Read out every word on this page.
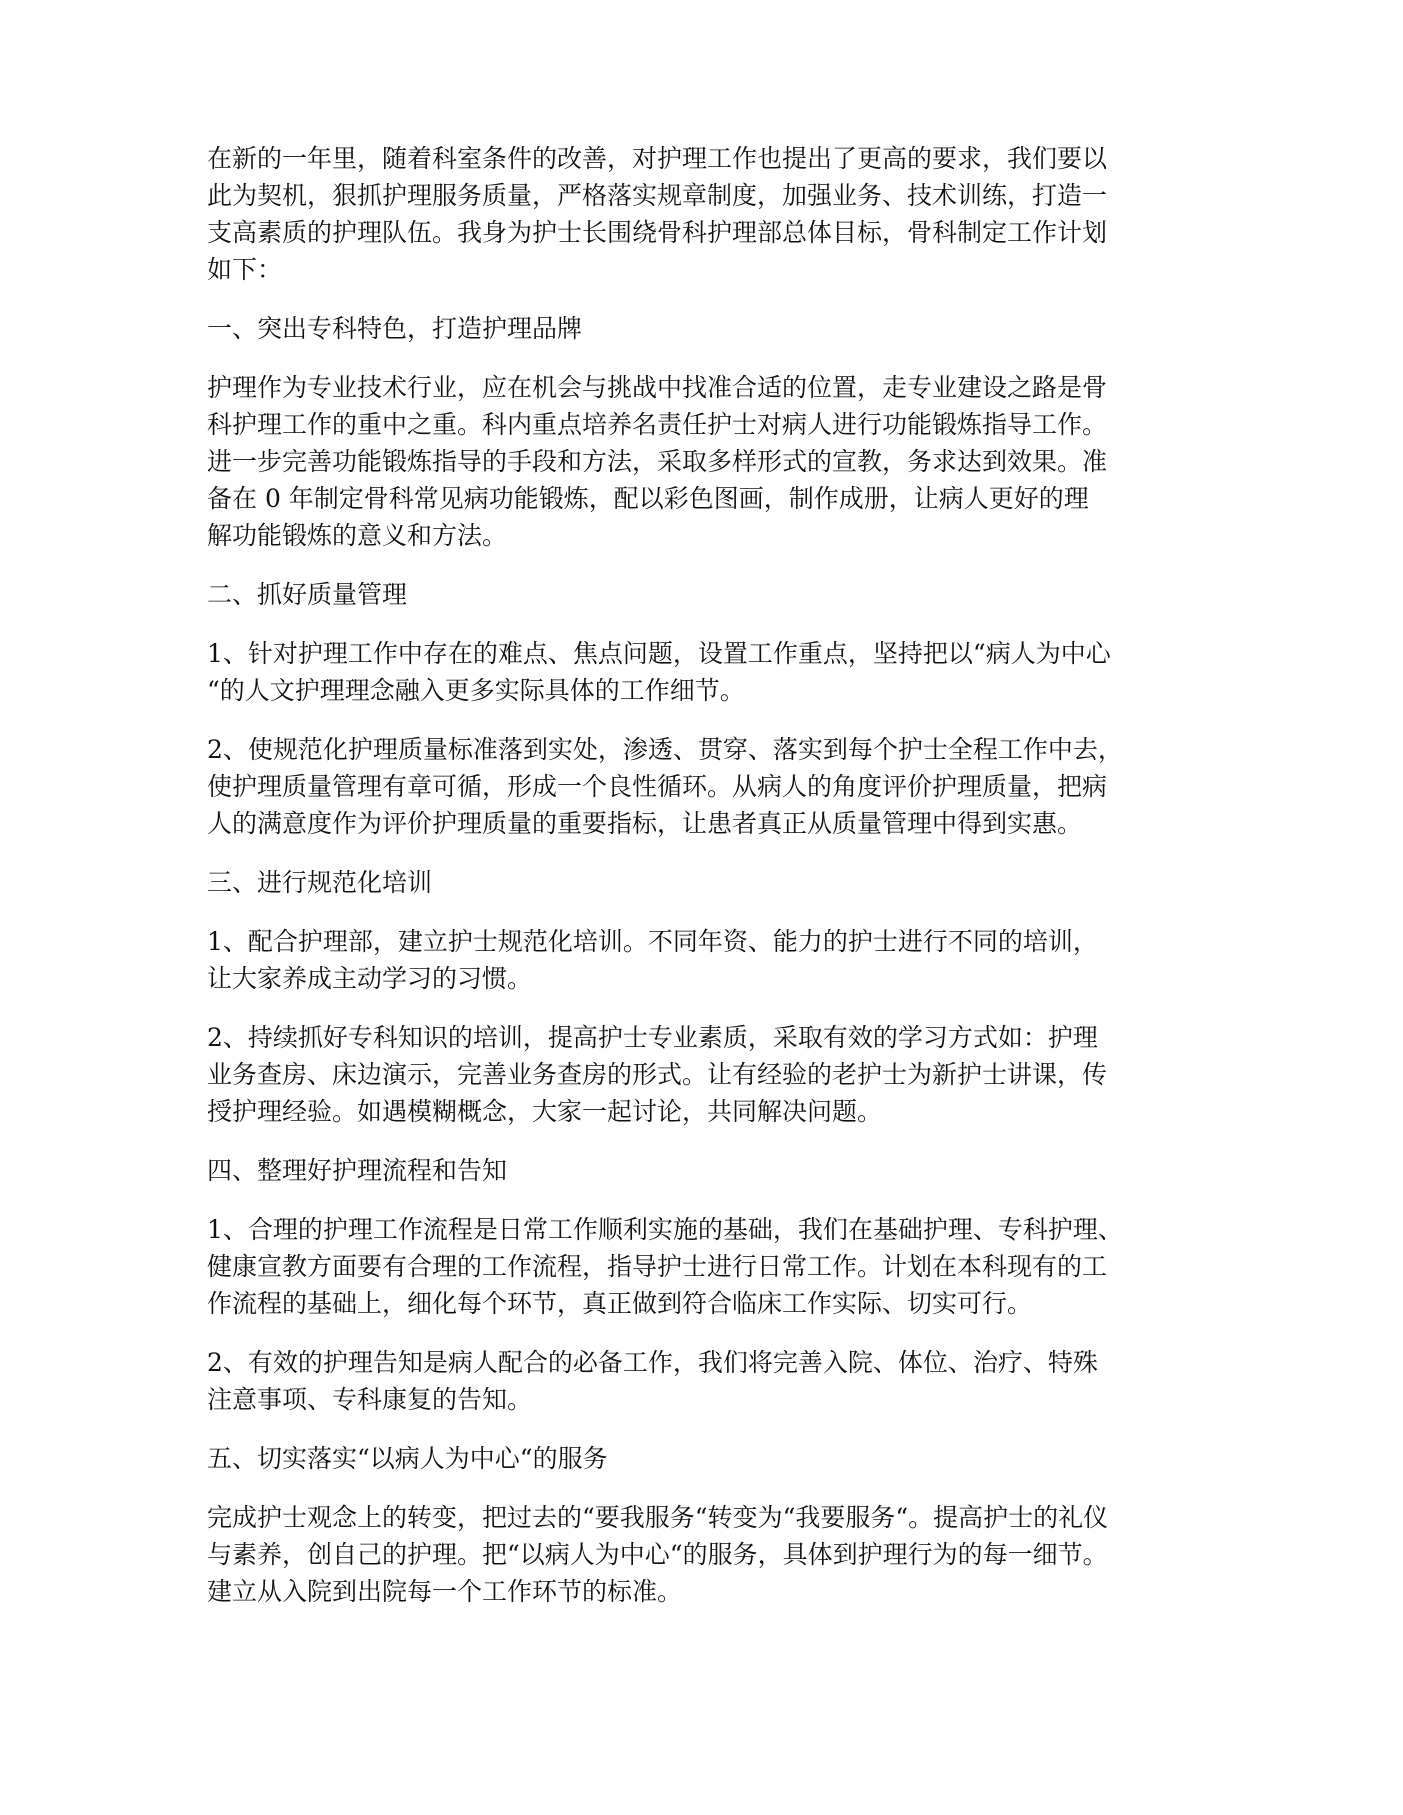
在新的一年里，随着科室条件的改善，对护理工作也提出了更高的要求，我们要以
此为契机，狠抓护理服务质量，严格落实规章制度，加强业务、技术训练，打造一
支高素质的护理队伍。我身为护士长围绕骨科护理部总体目标，骨科制定工作计划
如下：

一、突出专科特色，打造护理品牌

护理作为专业技术行业，应在机会与挑战中找准合适的位置，走专业建设之路是骨
科护理工作的重中之重。科内重点培养名责任护士对病人进行功能锻炼指导工作。
进一步完善功能锻炼指导的手段和方法，采取多样形式的宣教，务求达到效果。准
备在 0 年制定骨科常见病功能锻炼，配以彩色图画，制作成册，让病人更好的理
解功能锻炼的意义和方法。

二、抓好质量管理

1、针对护理工作中存在的难点、焦点问题，设置工作重点，坚持把以“病人为中心
“的人文护理理念融入更多实际具体的工作细节。

2、使规范化护理质量标准落到实处，渗透、贯穿、落实到每个护士全程工作中去，
使护理质量管理有章可循，形成一个良性循环。从病人的角度评价护理质量，把病
人的满意度作为评价护理质量的重要指标，让患者真正从质量管理中得到实惠。

三、进行规范化培训

1、配合护理部，建立护士规范化培训。不同年资、能力的护士进行不同的培训，
让大家养成主动学习的习惯。

2、持续抓好专科知识的培训，提高护士专业素质，采取有效的学习方式如：护理
业务查房、床边演示，完善业务查房的形式。让有经验的老护士为新护士讲课，传
授护理经验。如遇模糊概念，大家一起讨论，共同解决问题。

四、整理好护理流程和告知

1、合理的护理工作流程是日常工作顺利实施的基础，我们在基础护理、专科护理、
健康宣教方面要有合理的工作流程，指导护士进行日常工作。计划在本科现有的工
作流程的基础上，细化每个环节，真正做到符合临床工作实际、切实可行。

2、有效的护理告知是病人配合的必备工作，我们将完善入院、体位、治疗、特殊
注意事项、专科康复的告知。

五、切实落实“以病人为中心“的服务

完成护士观念上的转变，把过去的“要我服务“转变为“我要服务“。提高护士的礼仪
与素养，创自己的护理。把“以病人为中心“的服务，具体到护理行为的每一细节。
建立从入院到出院每一个工作环节的标准。
